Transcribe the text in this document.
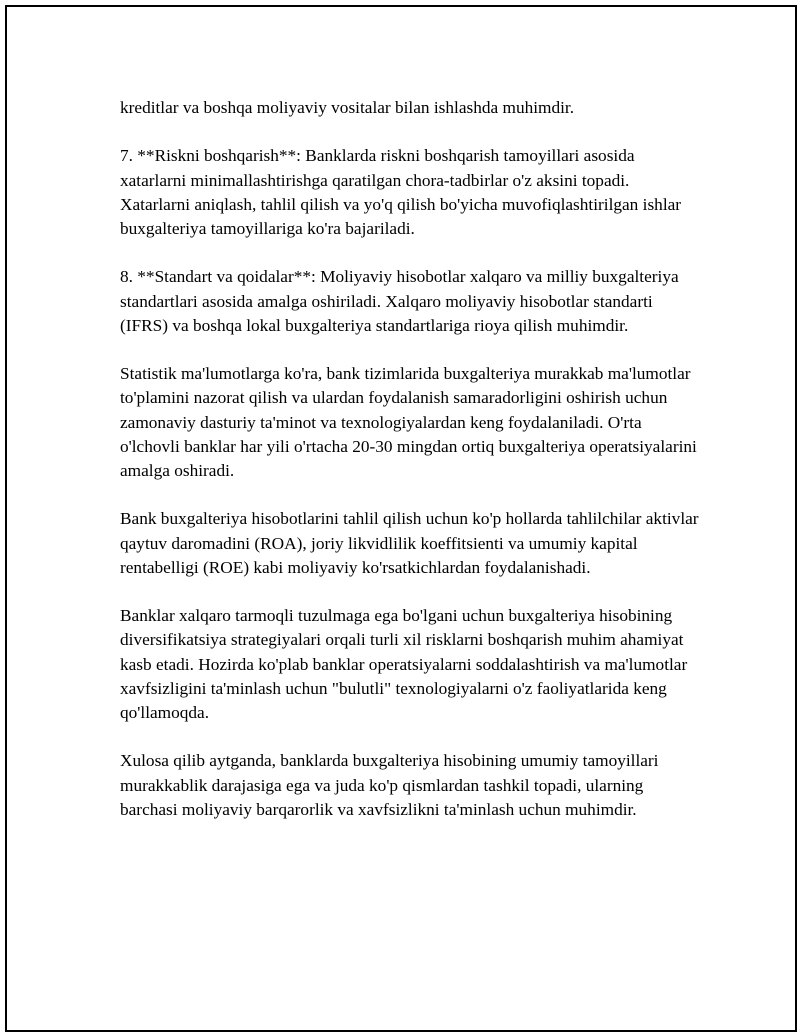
kreditlar va boshqa moliyaviy vositalar bilan ishlashda muhimdir.

7. **Riskni boshqarish**: Banklarda riskni boshqarish tamoyillari asosida xatarlarni minimallashtirishga qaratilgan chora-tadbirlar o'z aksini topadi. Xatarlarni aniqlash, tahlil qilish va yo'q qilish bo'yicha muvofiqlashtirilgan ishlar buxgalteriya tamoyillariga ko'ra bajariladi.

8. **Standart va qoidalar**: Moliyaviy hisobotlar xalqaro va milliy buxgalteriya standartlari asosida amalga oshiriladi. Xalqaro moliyaviy hisobotlar standarti (IFRS) va boshqa lokal buxgalteriya standartlariga rioya qilish muhimdir.

Statistik ma'lumotlarga ko'ra, bank tizimlarida buxgalteriya murakkab ma'lumotlar to'plamini nazorat qilish va ulardan foydalanish samaradorligini oshirish uchun zamonaviy dasturiy ta'minot va texnologiyalardan keng foydalaniladi. O'rta o'lchovli banklar har yili o'rtacha 20-30 mingdan ortiq buxgalteriya operatsiyalarini amalga oshiradi.

Bank buxgalteriya hisobotlarini tahlil qilish uchun ko'p hollarda tahlilchilar aktivlar qaytuv daromadini (ROA), joriy likvidlilik koeffitsienti va umumiy kapital rentabelligi (ROE) kabi moliyaviy ko'rsatkichlardan foydalanishadi.

Banklar xalqaro tarmoqli tuzulmaga ega bo'lgani uchun buxgalteriya hisobining diversifikatsiya strategiyalari orqali turli xil risklarni boshqarish muhim ahamiyat kasb etadi. Hozirda ko'plab banklar operatsiyalarni soddalashtirish va ma'lumotlar xavfsizligini ta'minlash uchun "bulutli" texnologiyalarni o'z faoliyatlarida keng qo'llamoqda.

Xulosa qilib aytganda, banklarda buxgalteriya hisobining umumiy tamoyillari murakkablik darajasiga ega va juda ko'p qismlardan tashkil topadi, ularning barchasi moliyaviy barqarorlik va xavfsizlikni ta'minlash uchun muhimdir.
